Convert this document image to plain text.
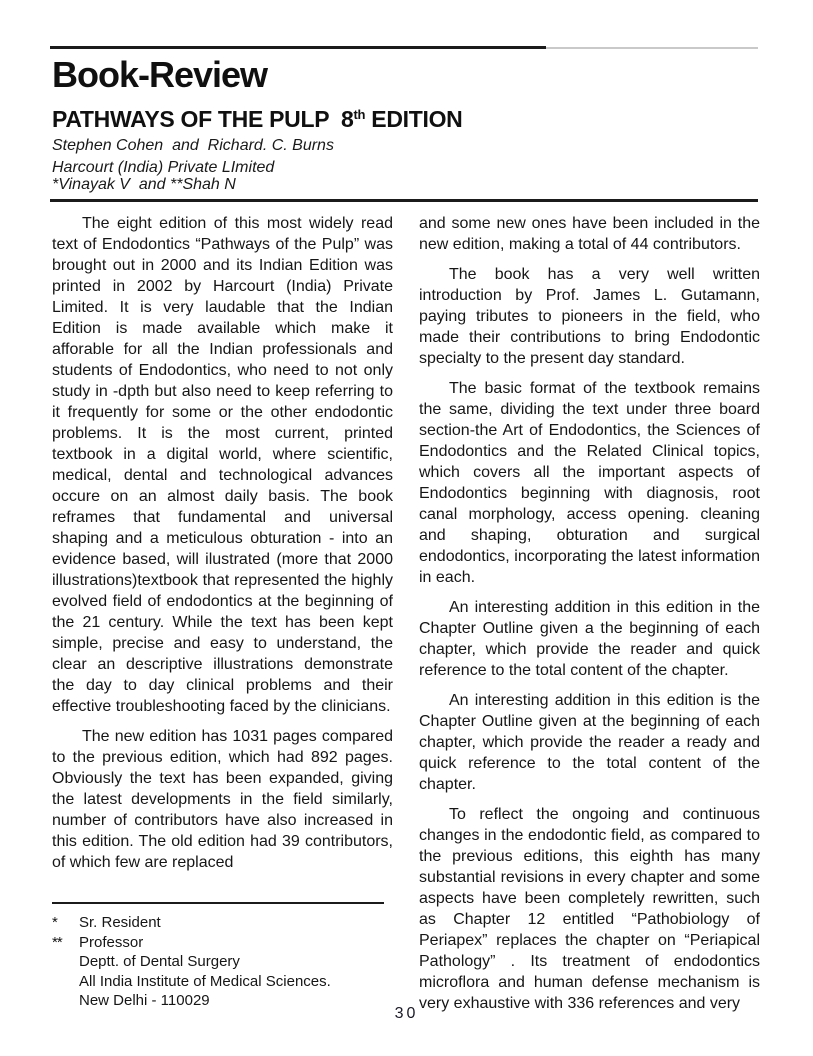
Book-Review
PATHWAYS OF THE PULP  8th EDITION

Stephen Cohen  and  Richard. C. Burns

Harcourt (India) Private LImited

*Vinayak V  and **Shah N

The eight edition of this most widely read text of Endodontics “Pathways of the Pulp” was brought out in 2000 and its Indian Edition was printed in 2002 by Harcourt (India) Private Limited. It is very laudable that the Indian Edition is made available which make it afforable for all the Indian professionals and students of Endodontics, who need to not only study in -dpth but also need to keep referring to it frequently for some or the other endodontic problems. It is the most current, printed textbook in a digital world, where scientific, medical, dental and technological advances occure on an almost daily basis. The book reframes that fundamental and universal shaping and a meticulous obturation - into an evidence based, will ilustrated (more that 2000 illustrations)textbook that represented the highly evolved field of endodontics at the beginning of the 21 century. While the text has been kept simple, precise and easy to understand, the clear an descriptive illustrations demonstrate the day to day clinical problems and their effective troubleshooting faced by the clinicians.

The new edition has 1031 pages compared to the previous edition, which had 892 pages. Obviously the text has been expanded, giving the latest developments in the field similarly, number of contributors have also increased in this edition. The old edition had 39 contributors, of which few are replaced

and some new ones have been included in the new edition, making a total of 44 contributors.

The book has a very well written introduction by Prof. James L. Gutamann, paying tributes to pioneers in the field, who made their contributions to bring Endodontic specialty to the present day standard.

The basic format of the textbook remains the same, dividing the text under three board section-the Art of Endodontics, the Sciences of Endodontics and the Related Clinical topics, which covers all the important aspects of Endodontics beginning with diagnosis, root canal morphology, access opening. cleaning and shaping, obturation and surgical endodontics, incorporating the latest information in each.

An interesting addition in this edition in the Chapter Outline given a the beginning of each chapter, which provide the reader and quick reference to the total content of the chapter.

An interesting addition in this edition is the Chapter Outline given at the beginning of each chapter, which provide the reader a ready and quick reference to the total content of the chapter.

To reflect the ongoing and continuous changes in the endodontic field, as compared to the previous editions, this eighth has many substantial revisions in every chapter and some aspects have been completely rewritten, such as Chapter 12 entitled “Pathobiology of Periapex” replaces the chapter on “Periapical Pathology” . Its treatment of endodontics microflora and human defense mechanism is very exhaustive with 336 references and very

*	Sr. Resident
**	Professor
Deptt. of Dental Surgery
All India Institute of Medical Sciences.
New Delhi - 110029
30
